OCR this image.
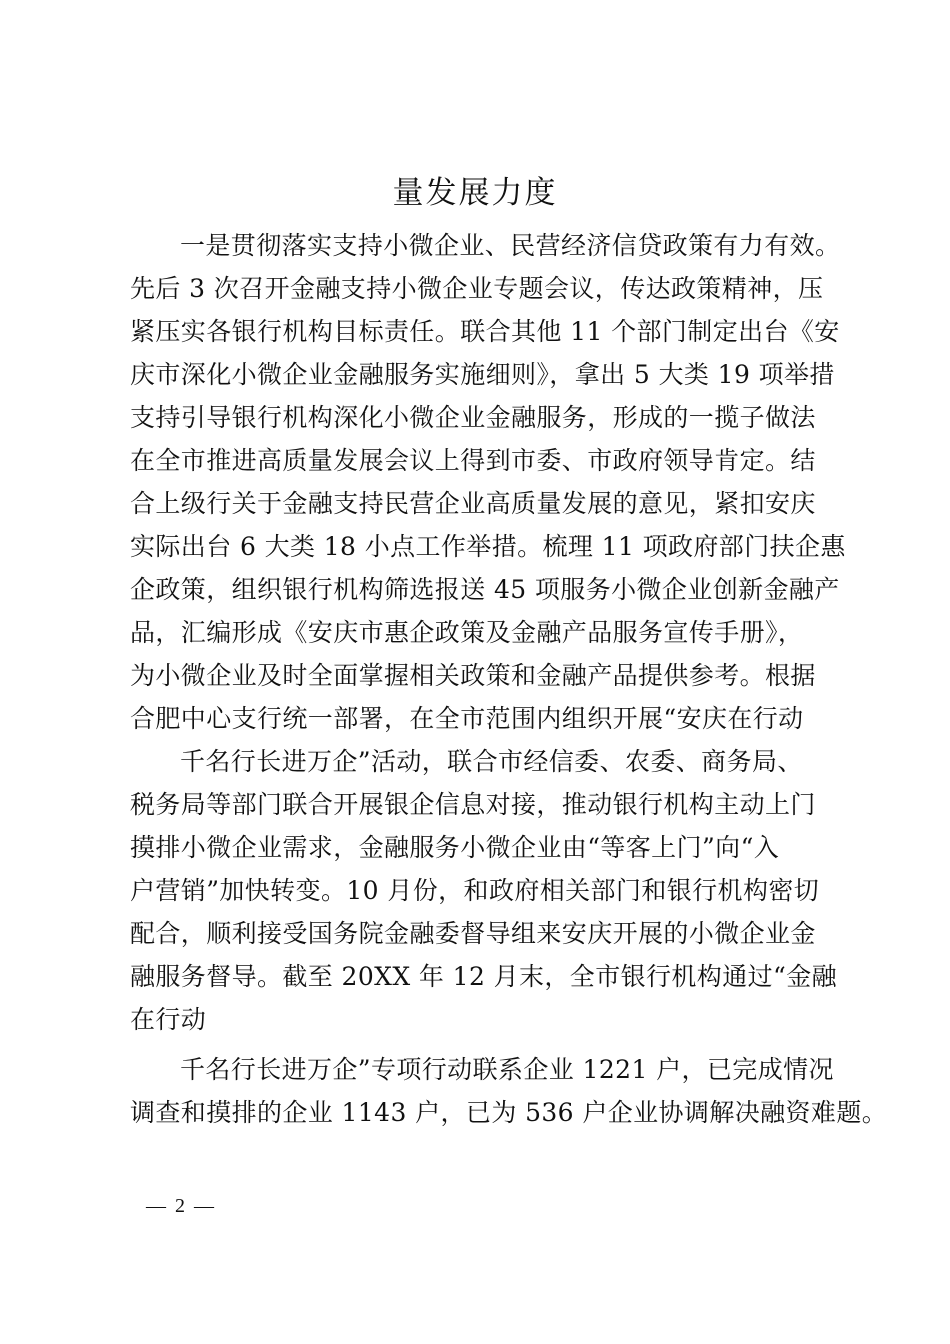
量发展力度
一是贯彻落实支持小微企业、民营经济信贷政策有力有效。
先后 3 次召开金融支持小微企业专题会议，传达政策精神，压
紧压实各银行机构目标责任。联合其他 11 个部门制定出台《安
庆市深化小微企业金融服务实施细则》，拿出 5 大类 19 项举措
支持引导银行机构深化小微企业金融服务，形成的一揽子做法
在全市推进高质量发展会议上得到市委、市政府领导肯定。结
合上级行关于金融支持民营企业高质量发展的意见，紧扣安庆
实际出台 6 大类 18 小点工作举措。梳理 11 项政府部门扶企惠
企政策，组织银行机构筛选报送 45 项服务小微企业创新金融产
品，汇编形成《安庆市惠企政策及金融产品服务宣传手册》，
为小微企业及时全面掌握相关政策和金融产品提供参考。根据
合肥中心支行统一部署，在全市范围内组织开展“安庆在行动
千名行长进万企”活动，联合市经信委、农委、商务局、
税务局等部门联合开展银企信息对接，推动银行机构主动上门
摸排小微企业需求，金融服务小微企业由“等客上门”向“入
户营销”加快转变。10 月份，和政府相关部门和银行机构密切
配合，顺利接受国务院金融委督导组来安庆开展的小微企业金
融服务督导。截至 20XX 年 12 月末，全市银行机构通过“金融
在行动
千名行长进万企”专项行动联系企业 1221 户，已完成情况
调查和摸排的企业 1143 户，已为 536 户企业协调解决融资难题。
— 2 —
